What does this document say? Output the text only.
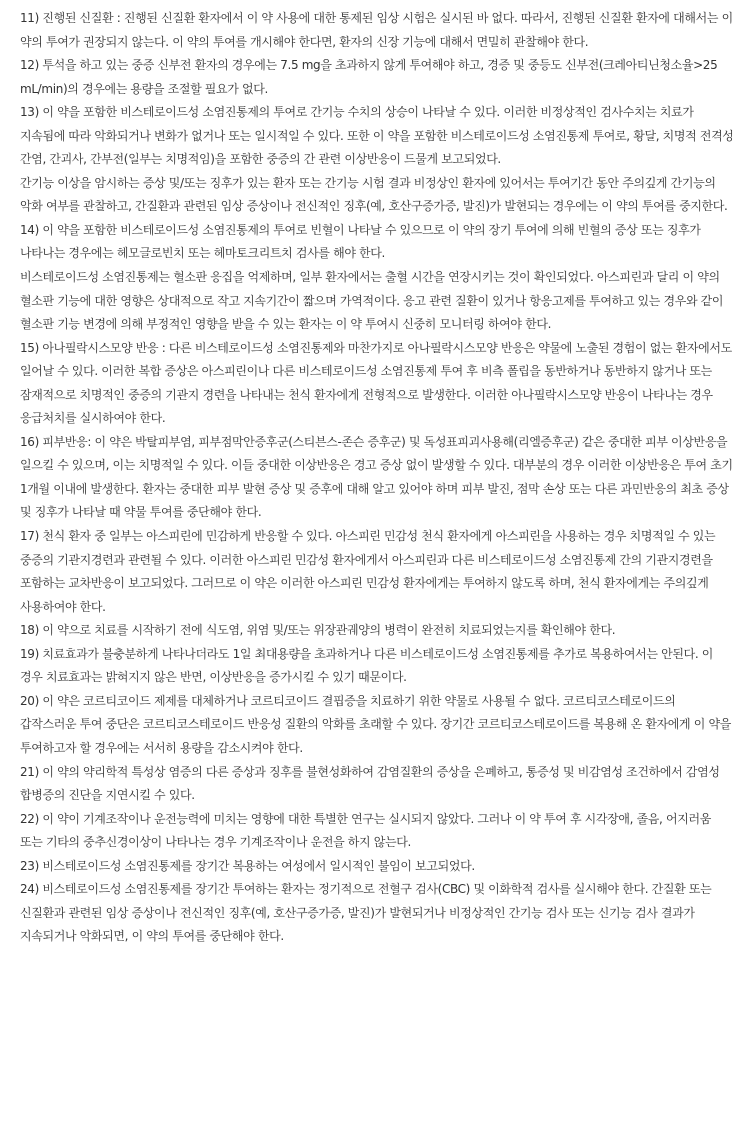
11) 진행된 신질환 : 진행된 신질환 환자에서 이 약 사용에 대한 통제된 임상 시험은 실시된 바 없다. 따라서, 진행된 신질환 환자에 대해서는 이 약의 투여가 권장되지 않는다. 이 약의 투여를 개시해야 한다면, 환자의 신장 기능에 대해서 면밀히 관찰해야 한다.

12) 투석을 하고 있는 중증 신부전 환자의 경우에는 7.5 mg을 초과하지 않게 투여해야 하고, 경증 및 중등도 신부전(크레아티닌청소율>25 mL/min)의 경우에는 용량을 조절할 필요가 없다.

13) 이 약을 포함한 비스테로이드성 소염진통제의 투여로 간기능 수치의 상승이 나타날 수 있다. 이러한 비정상적인 검사수치는 치료가 지속됨에 따라 악화되거나 변화가 없거나 또는 일시적일 수 있다. 또한 이 약을 포함한 비스테로이드성 소염진통제 투여로, 황달, 치명적 전격성 간염, 간괴사, 간부전(일부는 치명적임)을 포함한 중증의 간 관련 이상반응이 드물게 보고되었다.

간기능 이상을 암시하는 증상 및/또는 징후가 있는 환자 또는 간기능 시험 결과 비정상인 환자에 있어서는 투여기간 동안 주의깊게 간기능의 악화 여부를 관찰하고, 간질환과 관련된 임상 증상이나 전신적인 징후(예, 호산구증가증, 발진)가 발현되는 경우에는 이 약의 투여를 중지한다.

14) 이 약을 포함한 비스테로이드성 소염진통제의 투여로 빈혈이 나타날 수 있으므로 이 약의 장기 투여에 의해 빈혈의 증상 또는 징후가 나타나는 경우에는 헤모글로빈치 또는 헤마토크리트치 검사를 해야 한다.

비스테로이드성 소염진통제는 혈소판 응집을 억제하며, 일부 환자에서는 출혈 시간을 연장시키는 것이 확인되었다. 아스피린과 달리 이 약의 혈소판 기능에 대한 영향은 상대적으로 작고 지속기간이 짧으며 가역적이다. 응고 관련 질환이 있거나 항응고제를 투여하고 있는 경우와 같이 혈소판 기능 변경에 의해 부정적인 영향을 받을 수 있는 환자는 이 약 투여시 신중히 모니터링 하여야 한다.

15) 아나필락시스모양 반응 : 다른 비스테로이드성 소염진통제와 마찬가지로 아나필락시스모양 반응은 약물에 노출된 경험이 없는 환자에서도 일어날 수 있다. 이러한 복합 증상은 아스피린이나 다른 비스테로이드성 소염진통제 투여 후 비측 폴립을 동반하거나 동반하지 않거나 또는 잠재적으로 치명적인 중증의 기관지 경련을 나타내는 천식 환자에게 전형적으로 발생한다. 이러한 아나필락시스모양 반응이 나타나는 경우 응급처치를 실시하여야 한다.

16) 피부반응: 이 약은 박탈피부염, 피부점막안증후군(스티븐스-존슨 증후군) 및 독성표피괴사용해(리엘증후군) 같은 중대한 피부 이상반응을 일으킬 수 있으며, 이는 치명적일 수 있다. 이들 중대한 이상반응은 경고 증상 없이 발생할 수 있다. 대부분의 경우 이러한 이상반응은 투여 초기 1개월 이내에 발생한다. 환자는 중대한 피부 발현 증상 및 증후에 대해 알고 있어야 하며 피부 발진, 점막 손상 또는 다른 과민반응의 최초 증상 및 징후가 나타날 때 약물 투여를 중단해야 한다.

17) 천식 환자 중 일부는 아스피린에 민감하게 반응할 수 있다. 아스피린 민감성 천식 환자에게 아스피린을 사용하는 경우 치명적일 수 있는 중증의 기관지경련과 관련될 수 있다. 이러한 아스피린 민감성 환자에게서 아스피린과 다른 비스테로이드성 소염진통제 간의 기관지경련을 포함하는 교차반응이 보고되었다. 그러므로 이 약은 이러한 아스피린 민감성 환자에게는 투여하지 않도록 하며, 천식 환자에게는 주의깊게 사용하여야 한다.

18) 이 약으로 치료를 시작하기 전에 식도염, 위염 및/또는 위장관궤양의 병력이 완전히 치료되었는지를 확인해야 한다.

19) 치료효과가 불충분하게 나타나더라도 1일 최대용량을 초과하거나 다른 비스테로이드성 소염진통제를 추가로 복용하여서는 안된다. 이 경우 치료효과는 밝혀지지 않은 반면, 이상반응을 증가시킬 수 있기 때문이다.

20) 이 약은 코르티코이드 제제를 대체하거나 코르티코이드 결핍증을 치료하기 위한 약물로 사용될 수 없다. 코르티코스테로이드의 갑작스러운 투여 중단은 코르티코스테로이드 반응성 질환의 악화를 초래할 수 있다. 장기간 코르티코스테로이드를 복용해 온 환자에게 이 약을 투여하고자 할 경우에는 서서히 용량을 감소시켜야 한다.

21) 이 약의 약리학적 특성상 염증의 다른 증상과 징후를 불현성화하여 감염질환의 증상을 은폐하고, 통증성 및 비감염성 조건하에서 감염성 합병증의 진단을 지연시킬 수 있다.

22) 이 약이 기계조작이나 운전능력에 미치는 영향에 대한 특별한 연구는 실시되지 않았다. 그러나 이 약 투여 후 시각장애, 졸음, 어지러움 또는 기타의 중추신경이상이 나타나는 경우 기계조작이나 운전을 하지 않는다.

23) 비스테로이드성 소염진통제를 장기간 복용하는 여성에서 일시적인 불임이 보고되었다.

24) 비스테로이드성 소염진통제를 장기간 투여하는 환자는 정기적으로 전혈구 검사(CBC) 및 이화학적 검사를 실시해야 한다. 간질환 또는 신질환과 관련된 임상 증상이나 전신적인 징후(예, 호산구증가증, 발진)가 발현되거나 비정상적인 간기능 검사 또는 신기능 검사 결과가 지속되거나 악화되면, 이 약의 투여를 중단해야 한다.
